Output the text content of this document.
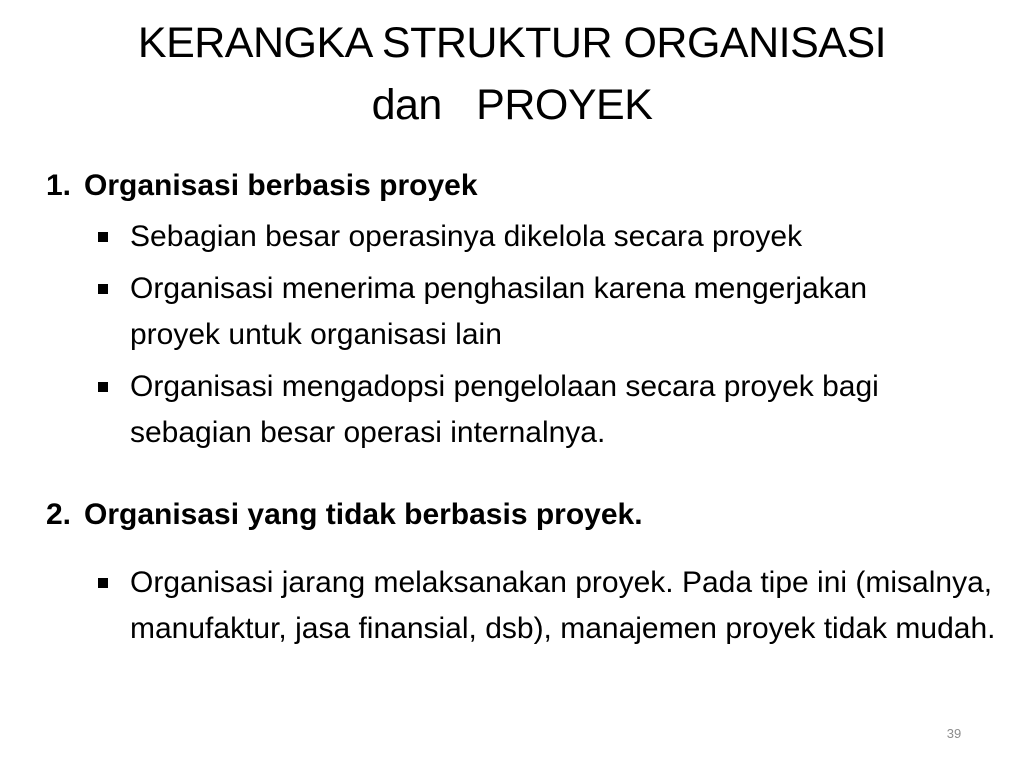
KERANGKA STRUKTUR ORGANISASI
dan   PROYEK
1. Organisasi berbasis proyek
Sebagian besar operasinya dikelola secara proyek
Organisasi menerima penghasilan karena mengerjakan proyek untuk organisasi lain
Organisasi mengadopsi pengelolaan secara proyek bagi sebagian besar operasi internalnya.
2. Organisasi yang tidak berbasis proyek.
Organisasi jarang melaksanakan proyek. Pada tipe ini (misalnya, manufaktur, jasa finansial, dsb), manajemen proyek tidak mudah.
39
